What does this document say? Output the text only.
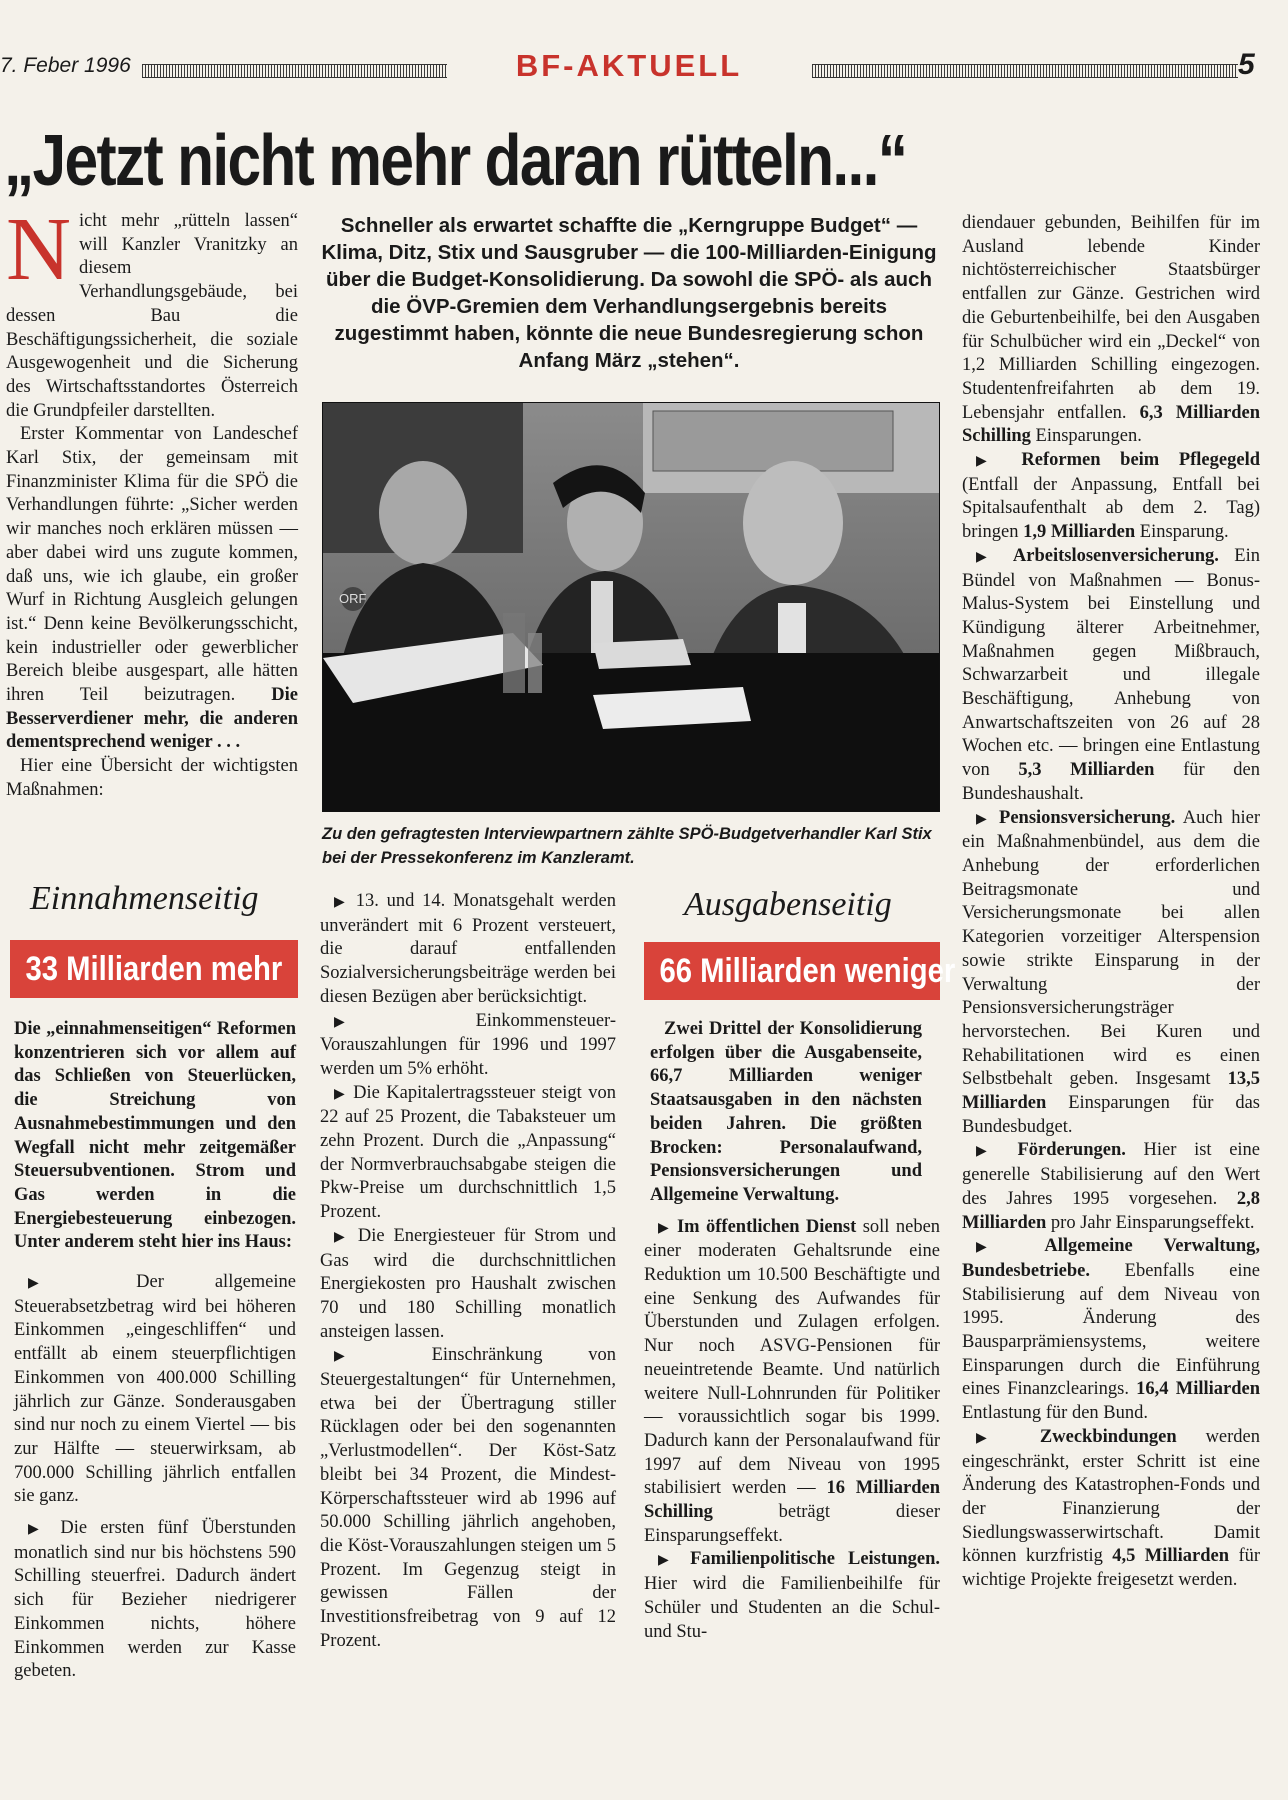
7. Feber 1996	BF-AKTUELL	5
„Jetzt nicht mehr daran rütteln...“

Nicht mehr „rütteln lassen“ will Kanzler Vranitzky an diesem Verhandlungsgebäude, bei dessen Bau die Beschäftigungssicherheit, die soziale Ausgewogenheit und die Sicherung des Wirtschaftsstandortes Österreich die Grundpfeiler darstellten.

Erster Kommentar von Landeschef Karl Stix, der gemeinsam mit Finanzminister Klima für die SPÖ die Verhandlungen führte: „Sicher werden wir manches noch erklären müssen — aber dabei wird uns zugute kommen, daß uns, wie ich glaube, ein großer Wurf in Richtung Ausgleich gelungen ist.“ Denn keine Bevölkerungsschicht, kein industrieller oder gewerblicher Bereich bleibe ausgespart, alle hätten ihren Teil beizutragen. Die Besserverdiener mehr, die anderen dementsprechend weniger . . .

Hier eine Übersicht der wichtigsten Maßnahmen:

Einnahmenseitig
33 Milliarden mehr

Die „einnahmenseitigen“ Reformen konzentrieren sich vor allem auf das Schließen von Steuerlücken, die Streichung von Ausnahmebestimmungen und den Wegfall nicht mehr zeitgemäßer Steuersubventionen. Strom und Gas werden in die Energiebesteuerung einbezogen. Unter anderem steht hier ins Haus:

▶	Der allgemeine Steuerabsetzbetrag wird bei höheren Einkommen „eingeschliffen“ und entfällt ab einem steuerpflichtigen Einkommen von 400.000 Schilling jährlich zur Gänze. Sonderausgaben sind nur noch zu einem Viertel — bis zur Hälfte — steuerwirksam, ab 700.000 Schilling jährlich entfallen sie ganz.

▶ Die ersten fünf Überstunden monatlich sind nur bis höchstens 590 Schilling steuerfrei. Dadurch ändert sich für Bezieher niedrigerer Einkommen nichts, höhere Einkommen werden zur Kasse gebeten.

Schneller als erwartet schaffte die „Kerngruppe Budget“ — Klima, Ditz, Stix und Sausgruber — die 100-Milliarden-Einigung über die Budget-Konsolidierung. Da sowohl die SPÖ- als auch die ÖVP-Gremien dem Verhandlungsergebnis bereits zugestimmt haben, könnte die neue Bundesregierung schon Anfang März „stehen“.
ORF
Zu den gefragtesten Interviewpartnern zählte SPÖ-Budgetverhandler Karl Stix bei der Pressekonferenz im Kanzleramt.

▶ 13. und 14. Monatsgehalt werden unverändert mit 6 Prozent versteuert, die darauf entfallenden Sozialversicherungsbeiträge werden bei diesen Bezügen aber berücksichtigt.

▶	Einkommensteuer-Vorauszahlungen für 1996 und 1997 werden um 5% erhöht.

▶ Die Kapitalertragssteuer steigt von 22 auf 25 Prozent, die Tabaksteuer um zehn Prozent. Durch die „Anpassung“ der Normverbrauchsabgabe steigen die Pkw-Preise um durchschnittlich 1,5 Prozent.

▶ Die Energiesteuer für Strom und Gas wird die durchschnittlichen Energiekosten pro Haushalt zwischen 70 und 180 Schilling monatlich ansteigen lassen.

▶ Einschränkung von Steuergestaltungen“ für Unternehmen, etwa bei der Übertragung stiller Rücklagen oder bei den sogenannten „Verlustmodellen“. Der Köst-Satz bleibt bei 34 Prozent, die Mindest-Körperschaftssteuer wird ab 1996 auf 50.000 Schilling jährlich angehoben, die Köst-Vorauszahlungen steigen um 5 Prozent. Im Gegenzug steigt in gewissen Fällen der Investitionsfreibetrag von 9 auf 12 Prozent.

Ausgabenseitig
66 Milliarden weniger

Zwei Drittel der Konsolidierung erfolgen über die Ausgabenseite, 66,7 Milliarden weniger Staatsausgaben in den nächsten beiden Jahren. Die größten Brocken: Personalaufwand, Pensionsversicherungen und Allgemeine Verwaltung.

▶ Im öffentlichen Dienst soll neben einer moderaten Gehaltsrunde eine Reduktion um 10.500 Beschäftigte und eine Senkung des Aufwandes für Überstunden und Zulagen erfolgen. Nur noch ASVG-Pensionen für neueintretende Beamte. Und natürlich weitere Null-Lohnrunden für Politiker — voraussichtlich sogar bis 1999. Dadurch kann der Personalaufwand für 1997 auf dem Niveau von 1995 stabilisiert werden — 16 Milliarden Schilling	beträgt dieser Einsparungseffekt.

▶ Familienpolitische Leistungen. Hier wird die Familienbeihilfe für Schüler und Studenten an die Schul- und Stu-

diendauer gebunden, Beihilfen für im Ausland lebende Kinder nichtösterreichischer Staatsbürger entfallen zur Gänze. Gestrichen wird die Geburtenbeihilfe, bei den Ausgaben für Schulbücher wird ein „Deckel“ von 1,2 Milliarden Schilling eingezogen. Studentenfreifahrten ab dem 19. Lebensjahr entfallen. 6,3 Milliarden Schilling Einsparungen.

▶ Reformen beim Pflegegeld (Entfall der Anpassung, Entfall bei Spitalsaufenthalt ab dem 2. Tag) bringen 1,9 Milliarden Einsparung.

▶ Arbeitslosenversicherung. Ein Bündel von Maßnahmen — Bonus-Malus-System bei Einstellung und Kündigung älterer Arbeitnehmer, Maßnahmen gegen Mißbrauch, Schwarzarbeit und illegale Beschäftigung, Anhebung von Anwartschaftszeiten von 26 auf 28 Wochen etc. — bringen eine Entlastung von 5,3 Milliarden für den Bundeshaushalt.

▶ Pensionsversicherung. Auch hier ein Maßnahmenbündel, aus dem die Anhebung der erforderlichen Beitragsmonate und Versicherungsmonate bei allen Kategorien vorzeitiger Alterspension sowie strikte Einsparung in der Verwaltung der Pensionsversicherungsträger hervorstechen. Bei Kuren und Rehabilitationen wird es einen Selbstbehalt geben. Insgesamt 13,5 Milliarden Einsparungen für das Bundesbudget.

▶ Förderungen. Hier ist eine generelle Stabilisierung auf den Wert des Jahres 1995 vorgesehen. 2,8 Milliarden pro Jahr Einsparungseffekt.

▶ Allgemeine Verwaltung, Bundesbetriebe. Ebenfalls eine Stabilisierung auf dem Niveau von 1995. Änderung des Bausparprämiensystems, weitere Einsparungen durch die Einführung eines Finanzclearings. 16,4 Milliarden Entlastung für den Bund.

▶ Zweckbindungen werden eingeschränkt, erster Schritt ist eine Änderung des Katastrophen-Fonds und der Finanzierung der Siedlungswasserwirtschaft. Damit können kurzfristig 4,5 Milliarden für wichtige Projekte freigesetzt werden.
